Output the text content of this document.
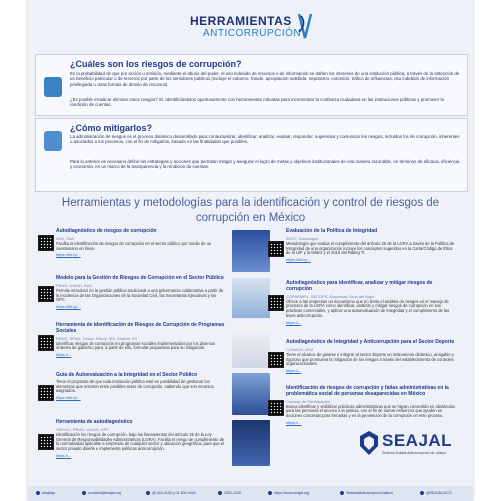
HERRAMIENTAS
ANTICORRUPCIÓN
¿Cuáles son los riesgos de corrupción?
Es la probabilidad de que por acción u omisión, mediante el abuso del poder, el uso indebido de recursos o de información se dañen los intereses de una institución pública, a través de la obtención de un beneficio particular o de terceros por parte de los servidores públicos (incluye el soborno, fraude, apropiación indebida, nepotismo, extorsión, tráfico de influencias, uso indebido de información privilegiada u otras formas de desvío de recursos).
¿Es posible erradicar eliminar estos riesgos? Sí. Identificándolos oportunamente con herramientas robustas para incrementar la confianza ciudadana en las instituciones públicas y promover la rendición de cuentas.
¿Cómo mitigarlos?
La administración de riesgos es el proceso dinámico desarrollado para contextualizar, identificar, analizar, evaluar, responder, supervisar y comunicar los riesgos, incluidos los de corrupción, inherentes o asociados a los procesos, con el fin de mitigarlos, basado en las finalidades que posibles.
Para lo anterior es necesario definir las estrategias y acciones que permitan mitigar y asegurar el logro de metas y objetivos institucionales de una manera razonable, en términos de eficacia, eficiencia y economía, en un marco de la transparencia y la rendición de cuentas.
Herramientas y metodologías para la identificación y control de riesgos de corrupción en México
Autodiagnóstico de riesgos de corrupción
INAI, SNA
Facilita la identificación de riesgos de corrupción en el sector público por medio de un cuestionario en línea.
https://bit.ly/...
Modelo para la Gestión de Riesgos de Corrupción en el Sector Público
PNUD, USAID, INAI
Permite introducir en la gestión pública tradicional a una gobernanza colaborativa a partir de la incidencia de las Organizaciones de la Sociedad Civil, las Secretarías Ejecutivas y los OPC.
https://bit.ly/...
Herramienta de Identificación de Riesgos de Corrupción de Programas Sociales
PNUD, SFNA, Gesoc, Ethos, IEE, Amend, IIS
Identificar riesgos de corrupción en programas sociales implementados por los diversos órdenes de gobierno para, a partir de ello, formular propuestas para su mitigación.
https://...
Guía de Autoevaluación a la Integridad en el Sector Público
Tiene el propósito de que toda institución pública esté en posibilidad de gestionar los elementos que orienten entre posibles actos de corrupción, sabiendo que son recursos asignados.
https://bit.ly/...
Herramienta de autodiagnóstico
SNOGC, PNUD, USAID, SFP
Identificación los riesgos de corrupción, bajo los lineamientos del artículo 25 de la Ley General de Responsabilidades Administrativas (LGRA). Facilita el riesgo de cumplimiento de la normatividad aplicable a empresas de cualquier sector y ubicación geográfica, para que el sector privado diseñe e implemente políticas anticorrupción.
https://...
Evaluación de la Política de Integridad
IMCO, Sociólogos
Metodología que evalúa el cumplimiento del artículo 25 de la LGRA a través de la Política de Integridad de una organización incluye los conceptos sugeridos en la Carta/Código de Ética de la UIF y la Matriz y el 2010 del Rating TI.
https://bit.ly/...
Autodiagnóstico para identificar, analizar y mitigar riesgos de corrupción
COPARMEX, SECOFE, Empresas Zona del Bajío
Ofrece a las empresas un mecanismo que no limita el análisis de riesgos en el manejo de procesos de la LGRA como identificar, analizar y mitigar riesgos de corrupción en sus prácticas comerciales, y aplicar una autoevaluación de integridad y el cumplimiento de las leyes anticorrupción.
https://...
Autodiagnóstico de Integridad y Anticorrupción para el Sector Deporte
CONADE, ATM
Tiene el alcance de guiarse e integrar al sector deporte un instrumento dinámico, amigable y riguroso que promueva la mitigación de los riesgos a través del establecimiento de controles organizacionales.
https://...
Identificación de riesgos de corrupción y faltas administrativas en la problemática social de personas desaparecidas en México
Consejo de Participación
Busca identificar y visibilizar prácticas administrativas que se hayan convertido en obstáculos para las personas el acceso a la justicia, con el fin de sumar esfuerzos que ayuden en acciones concretas para frenarlas y en la prevención de la corrupción en este proceso.
https://...
SEAJAL
Sistema Estatal Anticorrupción de Jalisco
seajalsp	contacto@seajal.org	@ 444-4100 y 01 800 4444	3331-1100	https://www.seajal.org	SistemaAnticorrupciónJalisco	@SEAJALISCO
